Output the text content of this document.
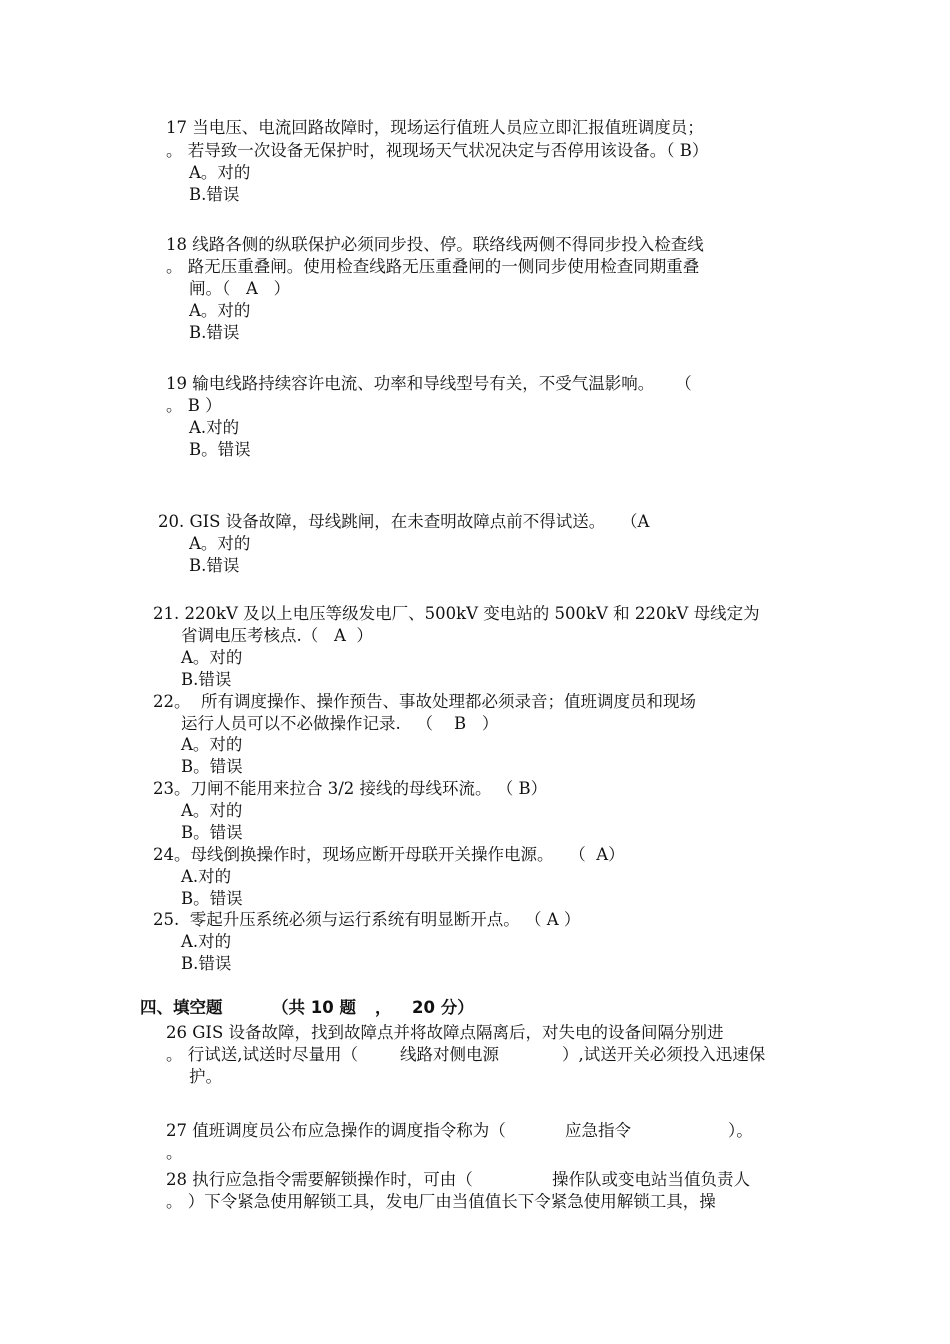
17 当电压、电流回路故障时，现场运行值班人员应立即汇报值班调度员；
。 若导致一次设备无保护时，视现场天气状况决定与否停用该设备。（ B）
A。对的
B.错误
18 线路各侧的纵联保护必须同步投、停。联络线两侧不得同步投入检查线
。 路无压重叠闸。使用检查线路无压重叠闸的一侧同步使用检查同期重叠
闸。（   A   ）
A。对的
B.错误
19 输电线路持续容许电流、功率和导线型号有关，不受气温影响。    （
。 B ）
A.对的
B。错误
20. GIS 设备故障，母线跳闸，在未查明故障点前不得试送。   （A
A。对的
B.错误
21. 220kV 及以上电压等级发电厂、500kV 变电站的 500kV 和 220kV 母线定为
省调电压考核点.（   A  ）
A。对的
B.错误
22。  所有调度操作、操作预告、事故处理都必须录音；值班调度员和现场
运行人员可以不必做操作记录.   （    B   ）
A。对的
B。错误
23。刀闸不能用来拉合 3/2 接线的母线环流。 （ B）
A。对的
B。错误
24。母线倒换操作时，现场应断开母联开关操作电源。   （  A）
A.对的
B。错误
25.  零起升压系统必须与运行系统有明显断开点。 （ A ）
A.对的
B.错误
四、填空题	（共 10 题 ， 20 分）
26 GIS 设备故障，找到故障点并将故障点隔离后，对失电的设备间隔分别进
。 行试送,试送时尽量用（	线路对侧电源	）,试送开关必须投入迅速保
护。
27 值班调度员公布应急操作的调度指令称为（	应急指令	）。
。
28 执行应急指令需要解锁操作时，可由（	操作队或变电站当值负责人
。 ）下令紧急使用解锁工具，发电厂由当值值长下令紧急使用解锁工具，操
